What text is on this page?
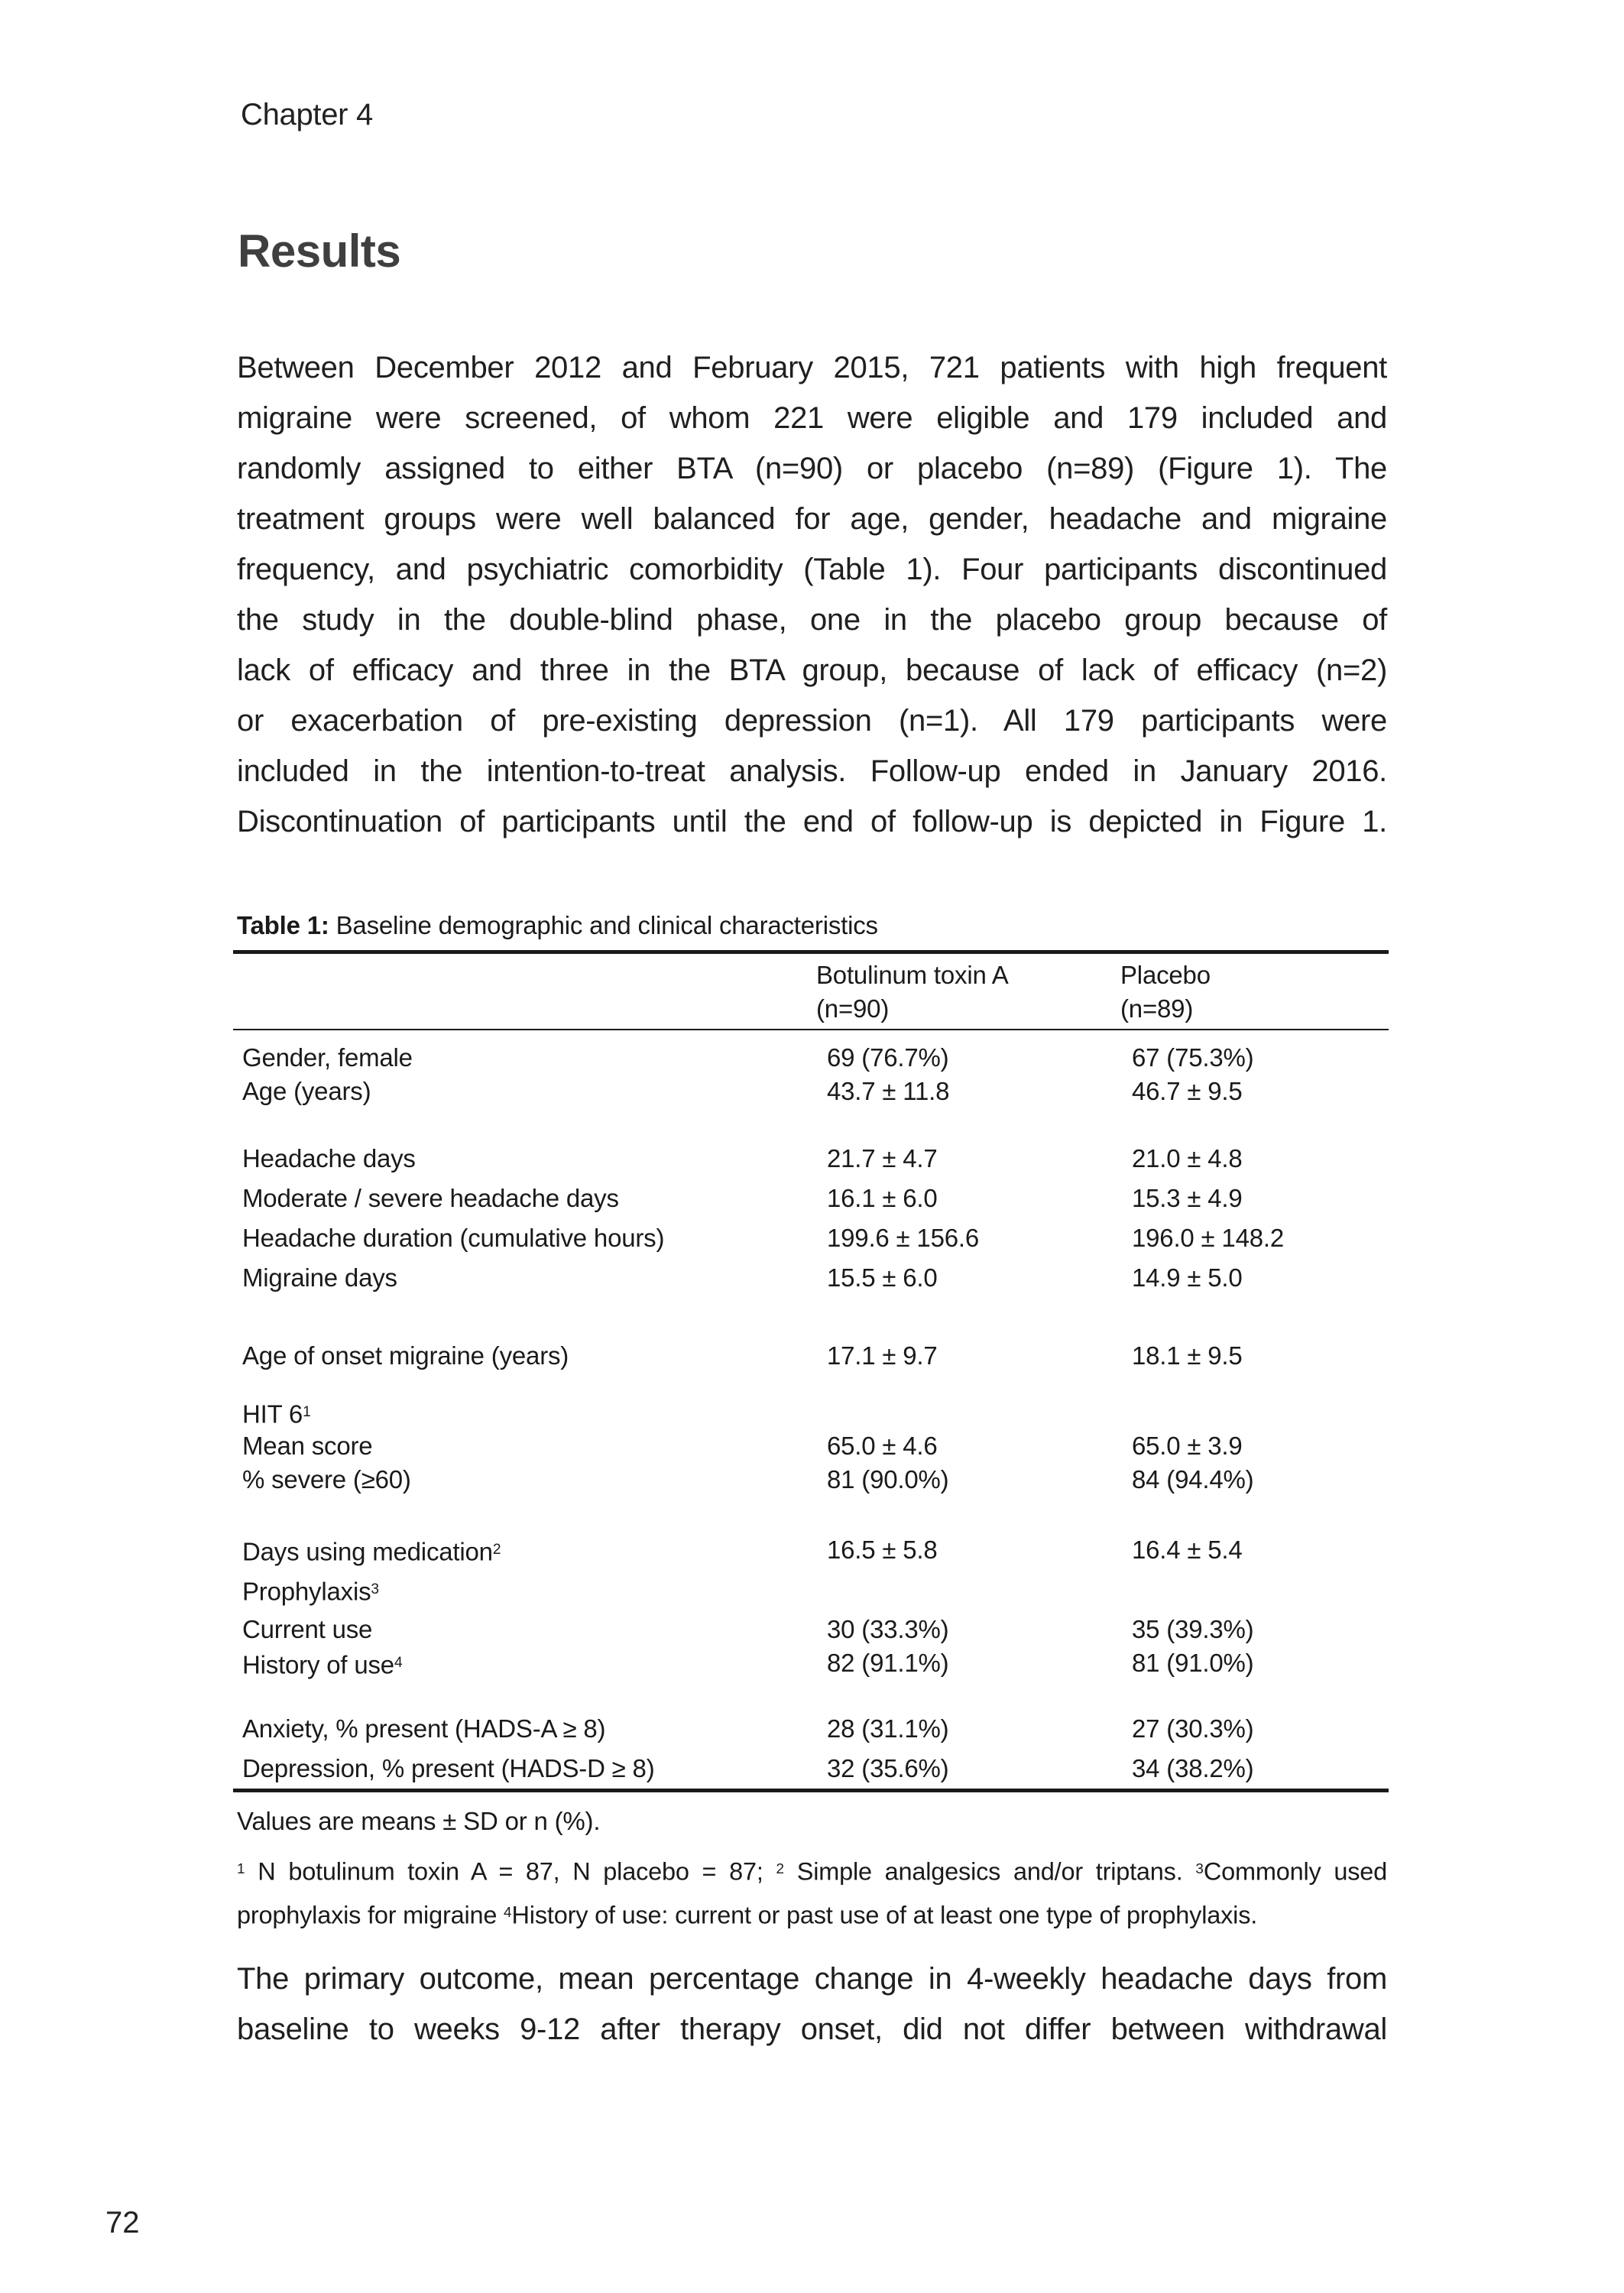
Chapter 4
Results
Between December 2012 and February 2015, 721 patients with high frequent
migraine were screened, of whom 221 were eligible and 179 included and
randomly assigned to either BTA (n=90) or placebo (n=89) (Figure 1). The
treatment groups were well balanced for age, gender, headache and migraine
frequency, and psychiatric comorbidity (Table 1). Four participants discontinued
the study in the double-blind phase, one in the placebo group because of
lack of efficacy and three in the BTA group, because of lack of efficacy (n=2)
or exacerbation of pre-existing depression (n=1). All 179 participants were
included in the intention-to-treat analysis. Follow-up ended in January 2016.
Discontinuation of participants until the end of follow-up is depicted in Figure 1.
Table 1: Baseline demographic and clinical characteristics
Botulinum toxin A
(n=90)
Placebo
(n=89)
Gender, female	69 (76.7%)	67 (75.3%)
Age (years)	43.7 ± 11.8	46.7 ± 9.5
Headache days	21.7 ± 4.7	21.0 ± 4.8
Moderate / severe headache days	16.1 ± 6.0	15.3 ± 4.9
Headache duration (cumulative hours)	199.6 ± 156.6	196.0 ± 148.2
Migraine days	15.5 ± 6.0	14.9 ± 5.0
Age of onset migraine (years)	17.1 ± 9.7	18.1 ± 9.5
HIT $6^1$
Mean score	65.0 ± 4.6	65.0 ± 3.9
% severe (≥60)	81 (90.0%)	84 (94.4%)
Days using medication$^2$	16.5 ± 5.8	16.4 ± 5.4
Prophylaxis$^3$
Current use	30 (33.3%)	35 (39.3%)
History of use$^4$	82 (91.1%)	81 (91.0%)
Anxiety, % present (HADS-A ≥ 8)	28 (31.1%)	27 (30.3%)
Depression, % present (HADS-D ≥ 8)	32 (35.6%)	34 (38.2%)
Values are means ± SD or n (%).
$^1$ N botulinum toxin A = 87, N placebo = 87; $^2$ Simple analgesics and/or triptans. $^3$Commonly used
prophylaxis for migraine $^4$History of use: current or past use of at least one type of prophylaxis.
The primary outcome, mean percentage change in 4-weekly headache days from
baseline to weeks 9-12 after therapy onset, did not differ between withdrawal
72
